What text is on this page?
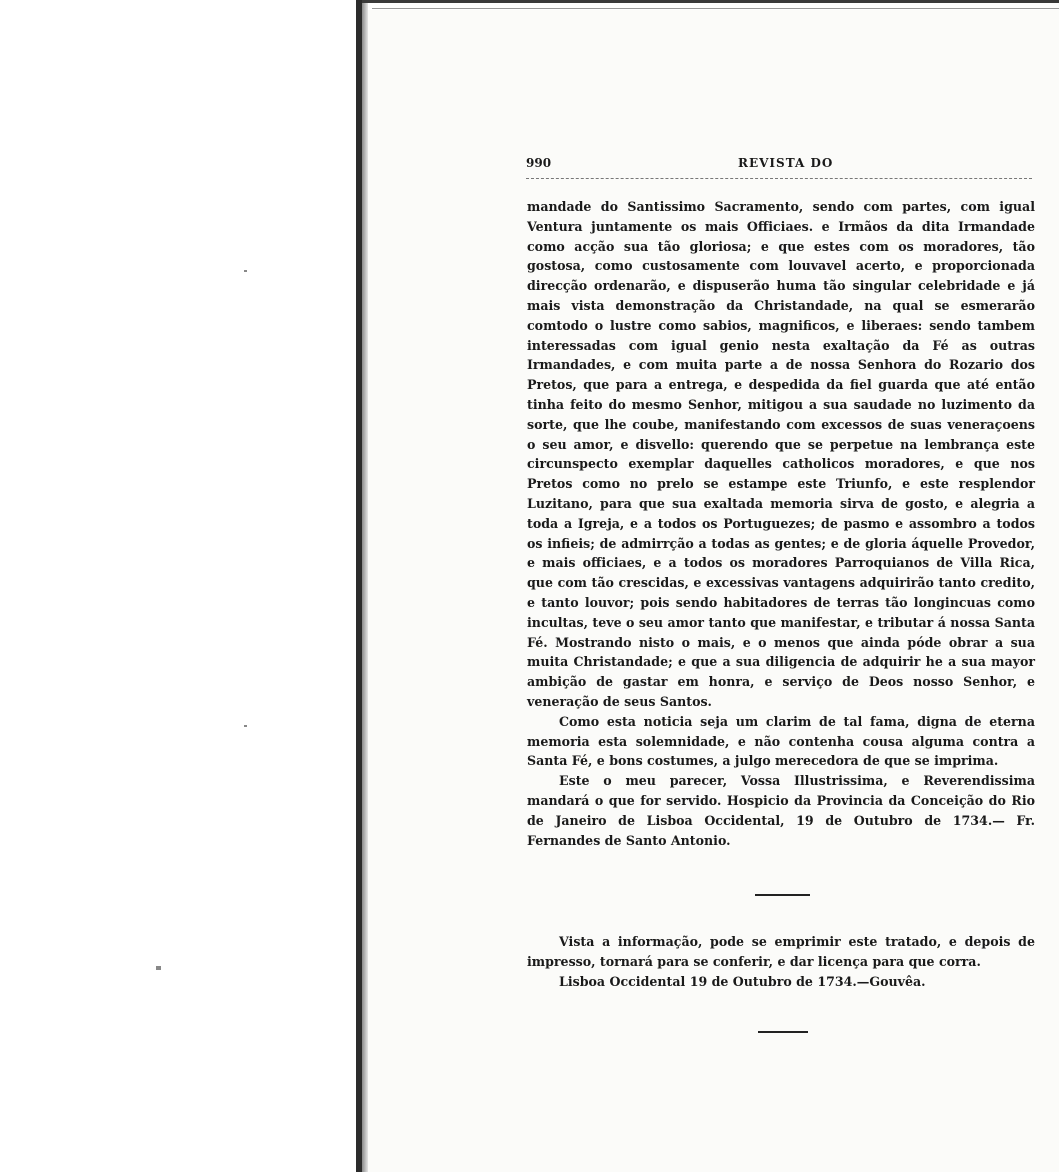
990	REVISTA DO

mandade do Santissimo Sacramento, sendo com partes, com igual Ventura juntamente os mais Officiaes. e Irmãos da dita Irmandade como acção sua tão gloriosa; e que estes com os moradores, tão gostosa, como custosamente com louvavel acerto, e proporcionada direcção ordenarão, e dispuserão huma tão singular celebridade e já mais vista demonstração da Christandade, na qual se esmerarão comtodo o lustre como sabios, magnificos, e liberaes: sendo tambem interessadas com igual genio nesta exaltação da Fé as outras Irmandades, e com muita parte a de nossa Senhora do Rozario dos Pretos, que para a entrega, e despedida da fiel guarda que até então tinha feito do mesmo Senhor, mitigou a sua saudade no luzimento da sorte, que lhe coube, manifestando com excessos de suas veneraçoens o seu amor, e disvello: querendo que se perpetue na lembrança este circunspecto exemplar daquelles catholicos moradores, e que nos Pretos como no prelo se estampe este Triunfo, e este resplendor Luzitano, para que sua exaltada memoria sirva de gosto, e alegria a toda a Igreja, e a todos os Portuguezes; de pasmo e assombro a todos os infieis; de admirrção a todas as gentes; e de gloria áquelle Provedor, e mais officiaes, e a todos os moradores Parroquianos de Villa Rica, que com tão crescidas, e excessivas vantagens adquirirão tanto credito, e tanto louvor; pois sendo habitadores de terras tão longincuas como incultas, teve o seu amor tanto que manifestar, e tributar á nossa Santa Fé. Mostrando nisto o mais, e o menos que ainda póde obrar a sua muita Christandade; e que a sua diligencia de adquirir he a sua mayor ambição de gastar em honra, e serviço de Deos nosso Senhor, e veneração de seus Santos.

Como esta noticia seja um clarim de tal fama, digna de eterna memoria esta solemnidade, e não contenha cousa alguma contra a Santa Fé, e bons costumes, a julgo merecedora de que se imprima.

Este o meu parecer, Vossa Illustrissima, e Reverendissima mandará o que for servido. Hospicio da Provincia da Conceição do Rio de Janeiro de Lisboa Occidental, 19 de Outubro de 1734.— Fr. Fernandes de Santo Antonio.

Vista a informação, pode se emprimir este tratado, e depois de impresso, tornará para se conferir, e dar licença para que corra.

Lisboa Occidental 19 de Outubro de 1734.—Gouvêa.
